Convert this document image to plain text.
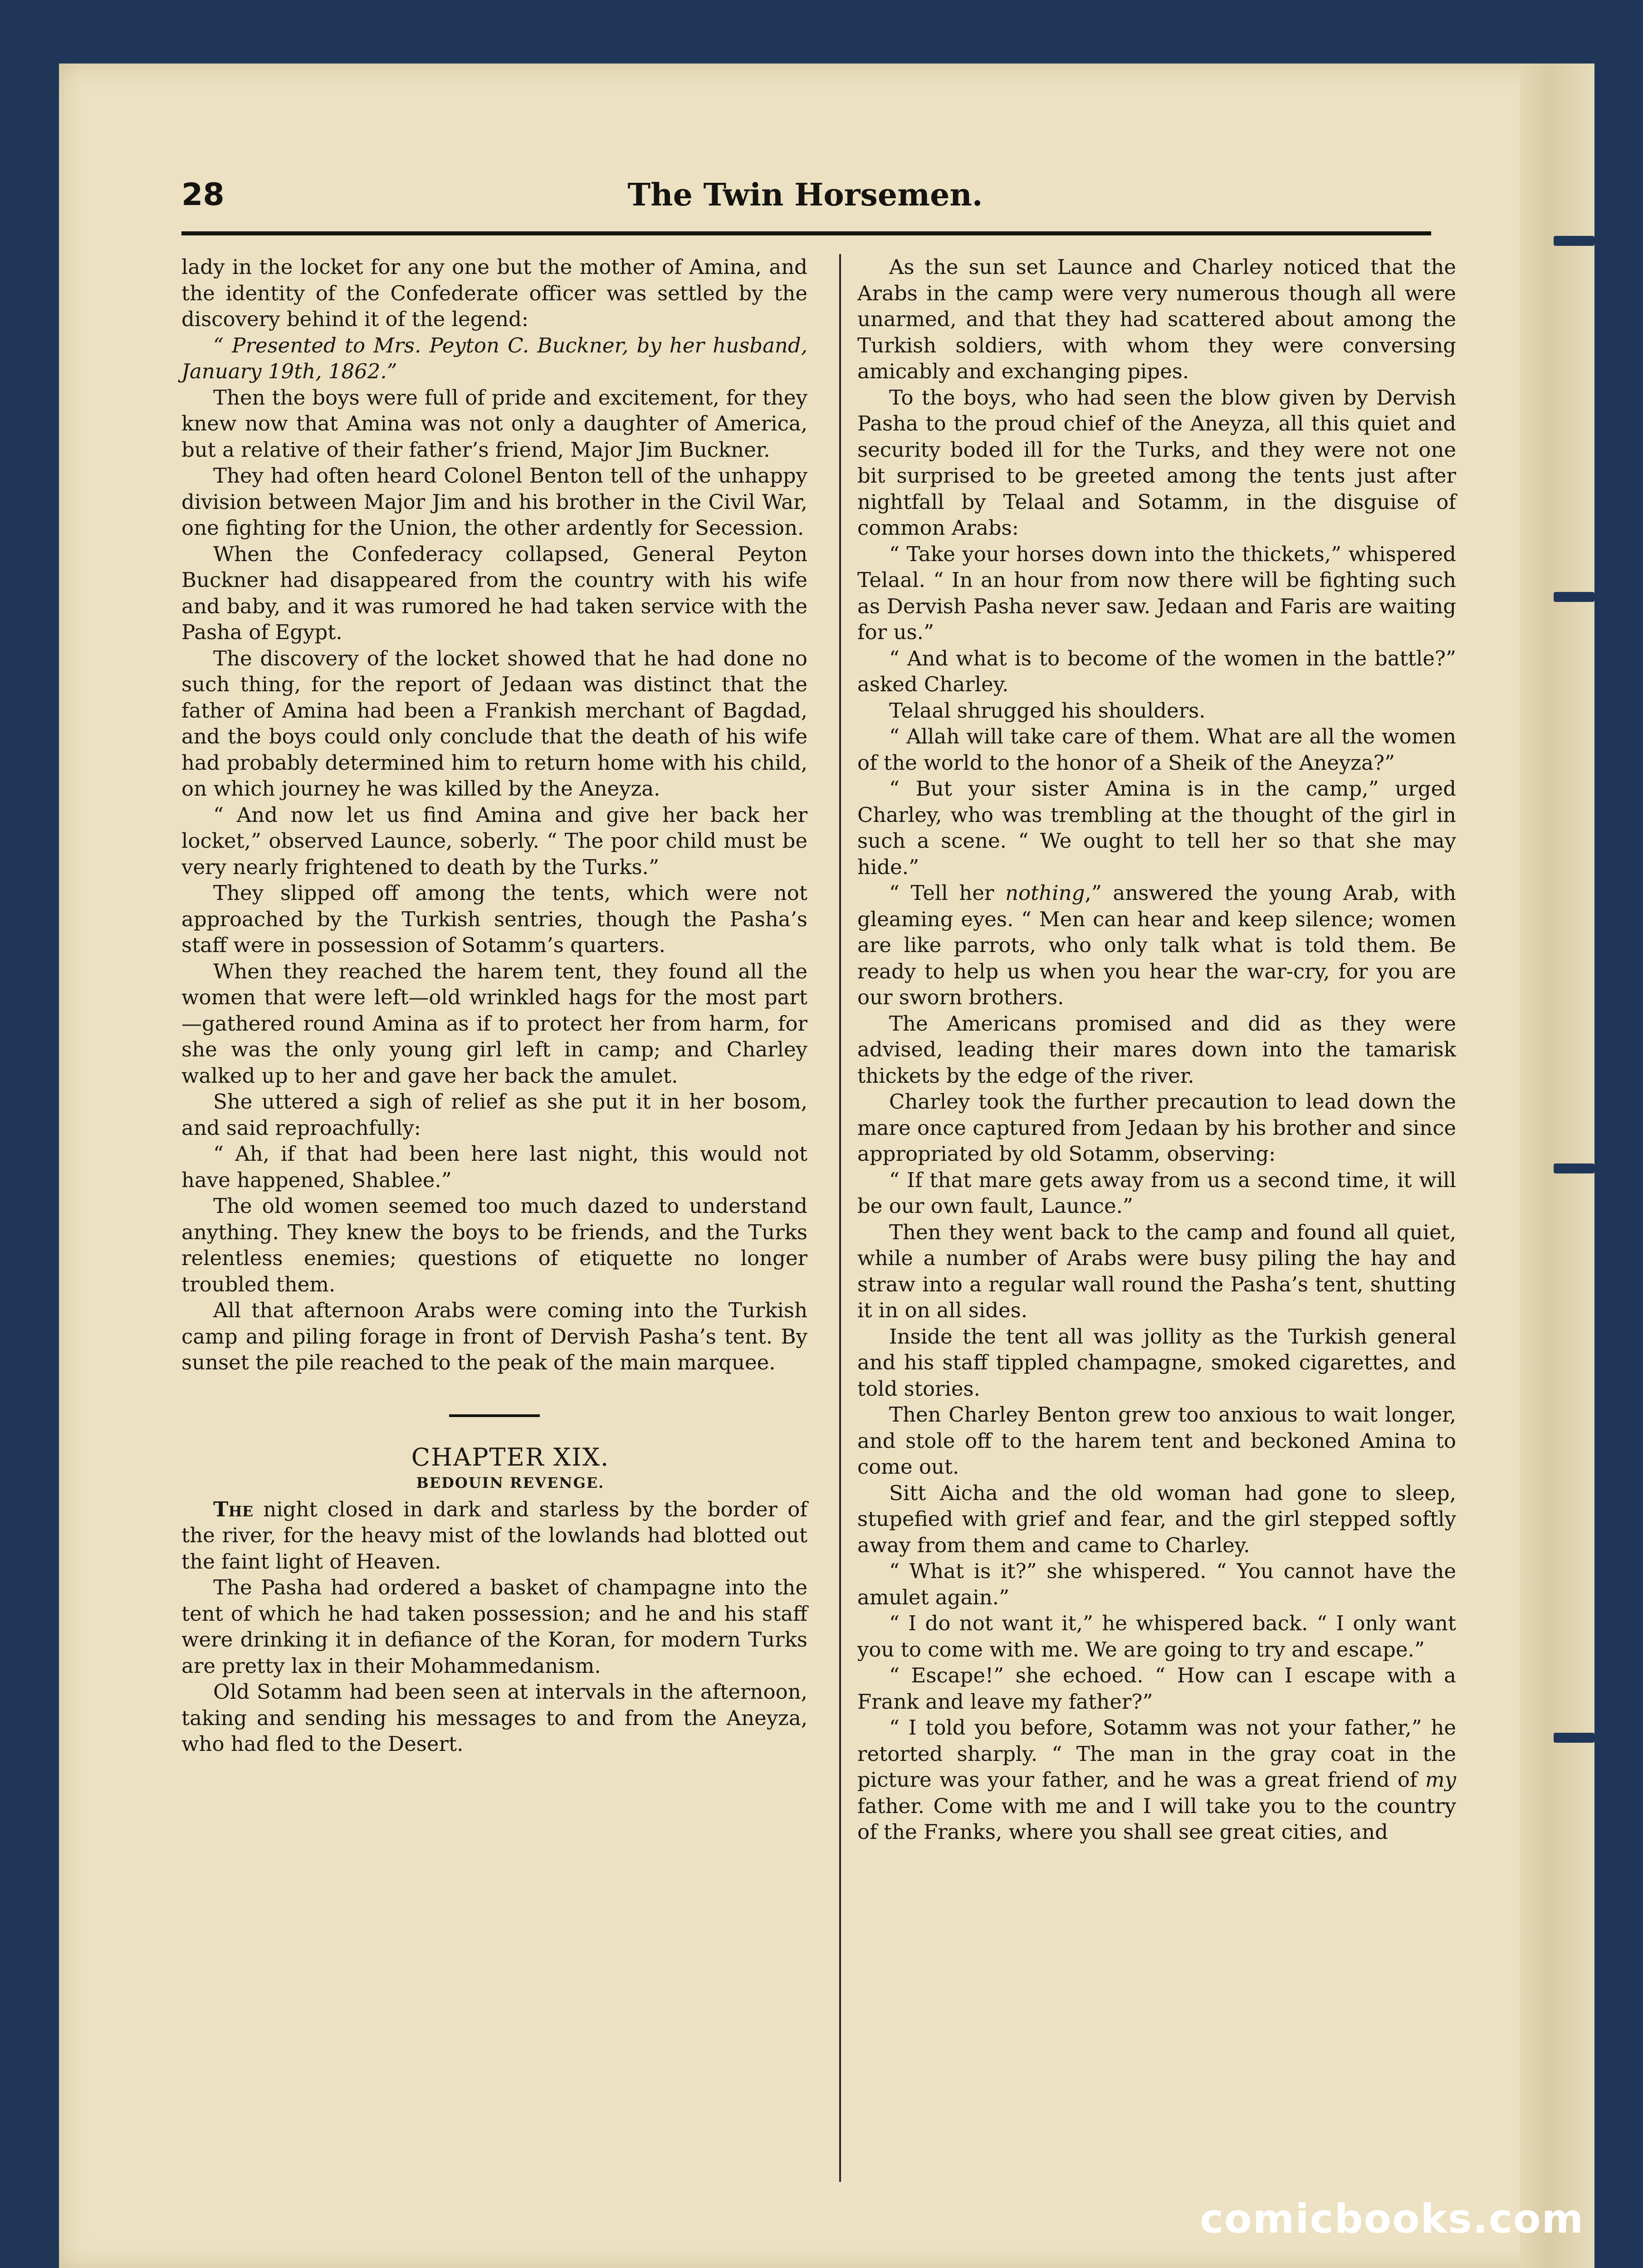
28	The Twin Horsemen.

lady in the locket for any one but the mother of Amina, and the identity of the Confederate officer was settled by the discovery behind it of the legend:

“ Presented to Mrs. Peyton C. Buckner, by her husband, January 19th, 1862.”

Then the boys were full of pride and excitement, for they knew now that Amina was not only a daughter of America, but a relative of their father’s friend, Major Jim Buckner.

They had often heard Colonel Benton tell of the unhappy division between Major Jim and his brother in the Civil War, one fighting for the Union, the other ardently for Secession.

When the Confederacy collapsed, General Peyton Buckner had disappeared from the country with his wife and baby, and it was rumored he had taken service with the Pasha of Egypt.

The discovery of the locket showed that he had done no such thing, for the report of Jedaan was distinct that the father of Amina had been a Frankish merchant of Bagdad, and the boys could only conclude that the death of his wife had probably determined him to return home with his child, on which journey he was killed by the Aneyza.

“ And now let us find Amina and give her back her locket,” observed Launce, soberly. “ The poor child must be very nearly frightened to death by the Turks.”

They slipped off among the tents, which were not approached by the Turkish sentries, though the Pasha’s staff were in possession of Sotamm’s quarters.

When they reached the harem tent, they found all the women that were left—old wrinkled hags for the most part—gathered round Amina as if to protect her from harm, for she was the only young girl left in camp; and Charley walked up to her and gave her back the amulet.

She uttered a sigh of relief as she put it in her bosom, and said reproachfully:

“ Ah, if that had been here last night, this would not have happened, Shablee.”

The old women seemed too much dazed to understand anything. They knew the boys to be friends, and the Turks relentless enemies; questions of etiquette no longer troubled them.

All that afternoon Arabs were coming into the Turkish camp and piling forage in front of Dervish Pasha’s tent. By sunset the pile reached to the peak of the main marquee.

CHAPTER XIX.

BEDOUIN REVENGE.

The night closed in dark and starless by the border of the river, for the heavy mist of the lowlands had blotted out the faint light of Heaven.

The Pasha had ordered a basket of champagne into the tent of which he had taken possession; and he and his staff were drinking it in defiance of the Koran, for modern Turks are pretty lax in their Mohammedanism.

Old Sotamm had been seen at intervals in the afternoon, taking and sending his messages to and from the Aneyza, who had fled to the Desert.

As the sun set Launce and Charley noticed that the Arabs in the camp were very numerous though all were unarmed, and that they had scattered about among the Turkish soldiers, with whom they were conversing amicably and exchanging pipes.

To the boys, who had seen the blow given by Dervish Pasha to the proud chief of the Aneyza, all this quiet and security boded ill for the Turks, and they were not one bit surprised to be greeted among the tents just after nightfall by Telaal and Sotamm, in the disguise of common Arabs:

“ Take your horses down into the thickets,” whispered Telaal. “ In an hour from now there will be fighting such as Dervish Pasha never saw. Jedaan and Faris are waiting for us.”

“ And what is to become of the women in the battle?” asked Charley.

Telaal shrugged his shoulders.

“ Allah will take care of them. What are all the women of the world to the honor of a Sheik of the Aneyza?”

“ But your sister Amina is in the camp,” urged Charley, who was trembling at the thought of the girl in such a scene. “ We ought to tell her so that she may hide.”

“ Tell her nothing,” answered the young Arab, with gleaming eyes. “ Men can hear and keep silence; women are like parrots, who only talk what is told them. Be ready to help us when you hear the war-cry, for you are our sworn brothers.

The Americans promised and did as they were advised, leading their mares down into the tamarisk thickets by the edge of the river.

Charley took the further precaution to lead down the mare once captured from Jedaan by his brother and since appropriated by old Sotamm, observing:

“ If that mare gets away from us a second time, it will be our own fault, Launce.”

Then they went back to the camp and found all quiet, while a number of Arabs were busy piling the hay and straw into a regular wall round the Pasha’s tent, shutting it in on all sides.

Inside the tent all was jollity as the Turkish general and his staff tippled champagne, smoked cigarettes, and told stories.

Then Charley Benton grew too anxious to wait longer, and stole off to the harem tent and beckoned Amina to come out.

Sitt Aicha and the old woman had gone to sleep, stupefied with grief and fear, and the girl stepped softly away from them and came to Charley.

“ What is it?” she whispered. “ You cannot have the amulet again.”

“ I do not want it,” he whispered back. “ I only want you to come with me. We are going to try and escape.”

“ Escape!” she echoed. “ How can I escape with a Frank and leave my father?”

“ I told you before, Sotamm was not your father,” he retorted sharply. “ The man in the gray coat in the picture was your father, and he was a great friend of my father. Come with me and I will take you to the country of the Franks, where you shall see great cities, and

comicbooks.com
